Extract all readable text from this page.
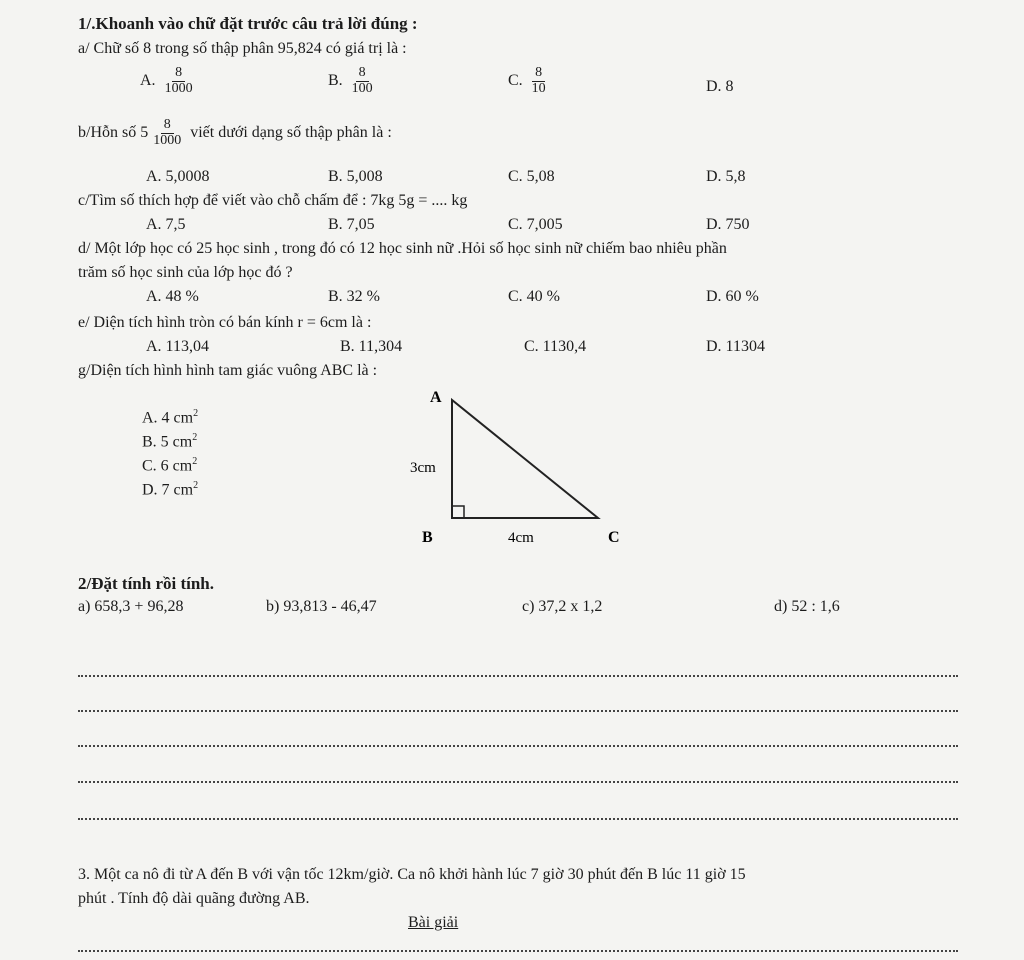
1/.Khoanh vào chữ đặt trước câu trả lời đúng :
a/ Chữ số 8 trong số thập phân 95,824 có giá trị là :
A. $\frac{8}{1000}$	B. $\frac{8}{100}$	C. $\frac{8}{10}$	D. 8
b/Hỗn số $5 \frac{8}{1000}$ viết dưới dạng số thập phân là :
A. 5,0008	B. 5,008	C. 5,08	D. 5,8
c/Tìm số thích hợp để viết vào chỗ chấm để : 7kg 5g = .... kg
A. 7,5	B. 7,05	C. 7,005	D. 750
d/ Một lớp học có 25 học sinh , trong đó có 12 học sinh nữ .Hỏi số học sinh nữ chiếm bao nhiêu phần
trăm số học sinh của lớp học đó ?
A. 48 %	B. 32 %	C. 40 %	D. 60 %
e/ Diện tích hình tròn có bán kính r = 6cm là :
A. 113,04	B. 11,304	C. 1130,4	D. 11304
g/Diện tích hình hình tam giác vuông ABC là :
A. 4 $cm^2$
B. 5 $cm^2$
C. 6 $cm^2$
D. 7 $cm^2$
A
B	C
3cm
4cm
2/Đặt tính rồi tính.
a) 658,3 + 96,28	b) 93,813 - 46,47	c) 37,2 x 1,2	d) 52 : 1,6
3. Một ca nô đi từ A đến B với vận tốc 12km/giờ. Ca nô khởi hành lúc 7 giờ 30 phút đến B lúc 11 giờ 15
phút . Tính độ dài quãng đường AB.
Bài giải
